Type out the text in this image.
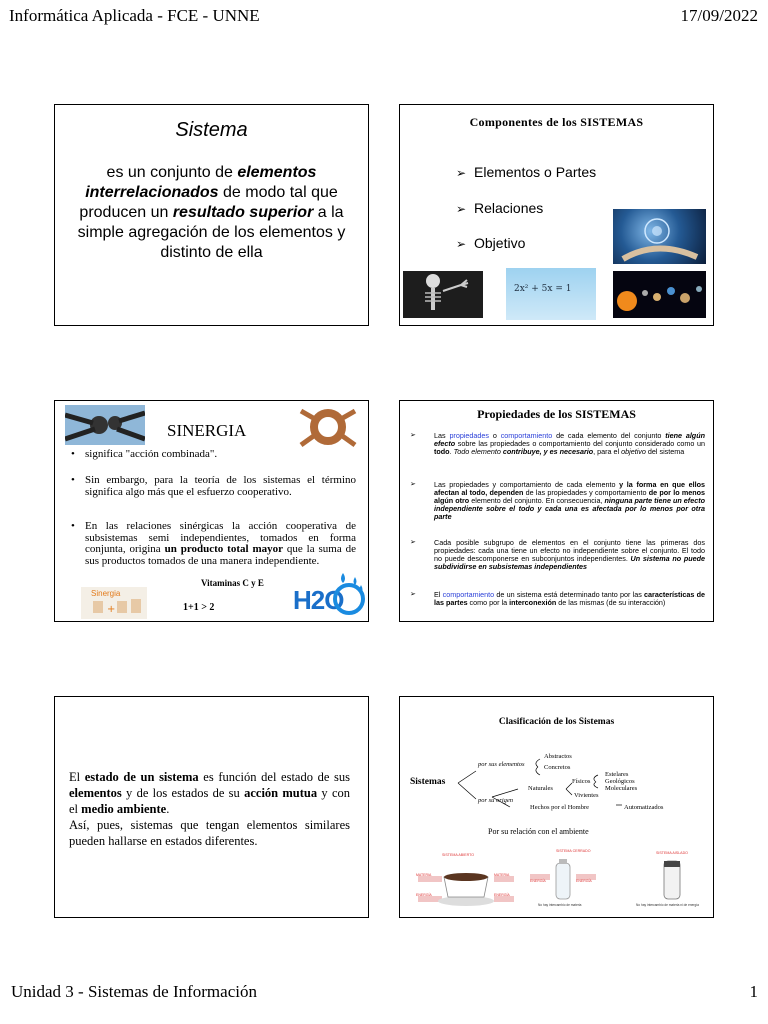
Informática Aplicada - FCE - UNNE	17/09/2022
Sistema
es un conjunto de elementos interrelacionados de modo tal que producen un resultado superior a la simple agregación de los elementos y distinto de ella
Componentes de los SISTEMAS
➢ Elementos o Partes
➢ Relaciones
➢ Objetivo
2x² + 5x = 1
SINERGIA
• significa "acción combinada".
• Sin embargo, para la teoría de los sistemas el término significa algo más que el esfuerzo cooperativo.
• En las relaciones sinérgicas la acción cooperativa de subsistemas semi independientes, tomados en forma conjunta, origina un producto total mayor que la suma de sus productos tomados de una manera independiente.
Vitaminas C y E
Sinergia
+	1+1 > 2	H2O
Propiedades de los SISTEMAS
➢	Las propiedades o comportamiento de cada elemento del conjunto tiene algún efecto sobre las propiedades o comportamiento del conjunto considerado como un todo. Todo elemento contribuye, y es necesario, para el objetivo del sistema
➢	Las propiedades y comportamiento de cada elemento y la forma en que ellos afectan al todo, dependen de las propiedades y comportamiento de por lo menos algún otro elemento del conjunto. En consecuencia, ninguna parte tiene un efecto independiente sobre el todo y cada una es afectada por lo menos por otra parte
➢	Cada posible subgrupo de elementos en el conjunto tiene las primeras dos propiedades: cada una tiene un efecto no independiente sobre el conjunto. El todo no puede descomponerse en subconjuntos independientes. Un sistema no puede subdividirse en subsistemas independientes
➢	El comportamiento de un sistema está determinado tanto por las características de las partes como por la interconexión de las mismas (de su interacción)
El estado de un sistema es función del estado de sus elementos y de los estados de su acción mutua y con el medio ambiente.
Así, pues, sistemas que tengan elementos similares pueden hallarse en estados diferentes.
Clasificación de los Sistemas
Sistemas
por sus elementos
Abstractos
Concretos
Naturales
Físicos
Estelares
Geológicos
Moleculares
Vivientes
por su origen
Hechos por el Hombre	Automatizados
Por su relación con el ambiente
SISTEMA ABIERTO
MATERIA	MATERIA
ENERGÍA	ENERGÍA
SISTEMA CERRADO
ENERGÍA	ENERGÍA
No hay intercambio de materia
SISTEMA AISLADO
No hay intercambio de materia ni de energía
Unidad 3 - Sistemas de Información	1
